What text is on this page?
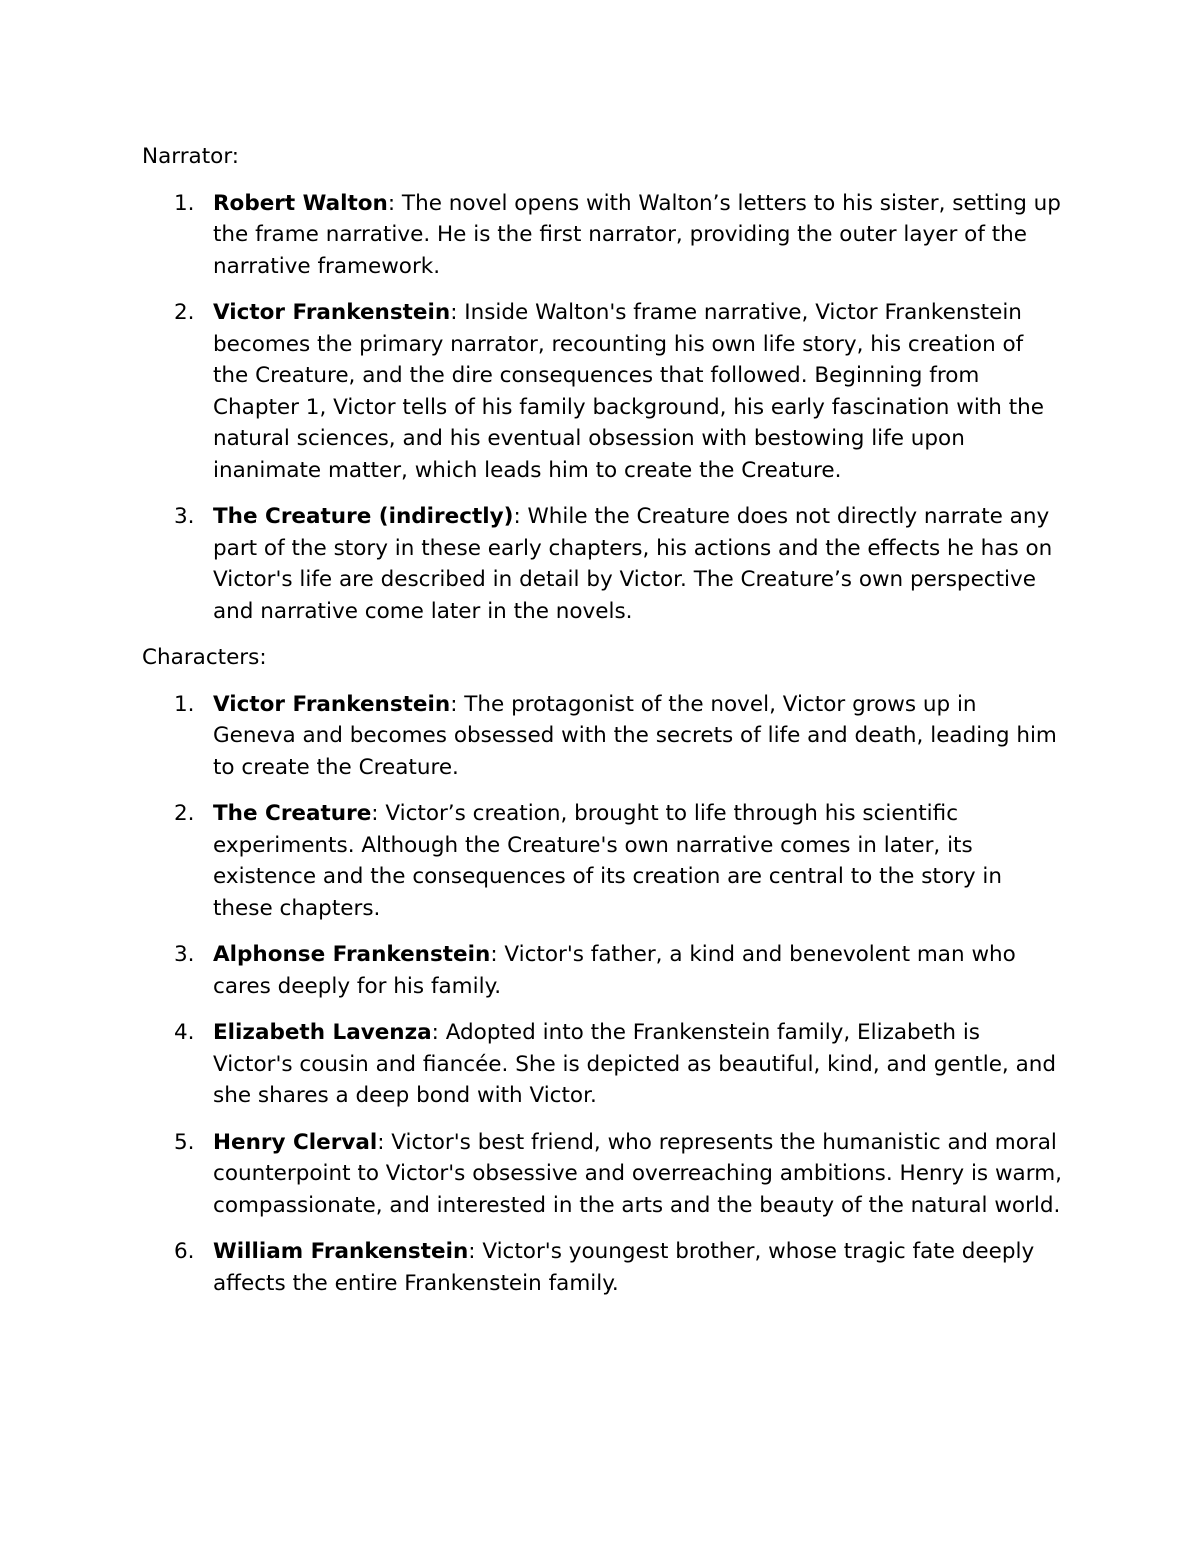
Narrator:

1. Robert Walton: The novel opens with Walton’s letters to his sister, setting up the frame narrative. He is the first narrator, providing the outer layer of the narrative framework.
2. Victor Frankenstein: Inside Walton's frame narrative, Victor Frankenstein becomes the primary narrator, recounting his own life story, his creation of the Creature, and the dire consequences that followed. Beginning from Chapter 1, Victor tells of his family background, his early fascination with the natural sciences, and his eventual obsession with bestowing life upon inanimate matter, which leads him to create the Creature.
3. The Creature (indirectly): While the Creature does not directly narrate any part of the story in these early chapters, his actions and the effects he has on Victor's life are described in detail by Victor. The Creature’s own perspective and narrative come later in the novels.

Characters:

1. Victor Frankenstein: The protagonist of the novel, Victor grows up in Geneva and becomes obsessed with the secrets of life and death, leading him to create the Creature.
2. The Creature: Victor’s creation, brought to life through his scientific experiments. Although the Creature's own narrative comes in later, its existence and the consequences of its creation are central to the story in these chapters.
3. Alphonse Frankenstein: Victor's father, a kind and benevolent man who cares deeply for his family.
4. Elizabeth Lavenza: Adopted into the Frankenstein family, Elizabeth is Victor's cousin and fiancée. She is depicted as beautiful, kind, and gentle, and she shares a deep bond with Victor.
5. Henry Clerval: Victor's best friend, who represents the humanistic and moral counterpoint to Victor's obsessive and overreaching ambitions. Henry is warm, compassionate, and interested in the arts and the beauty of the natural world.
6. William Frankenstein: Victor's youngest brother, whose tragic fate deeply affects the entire Frankenstein family.
